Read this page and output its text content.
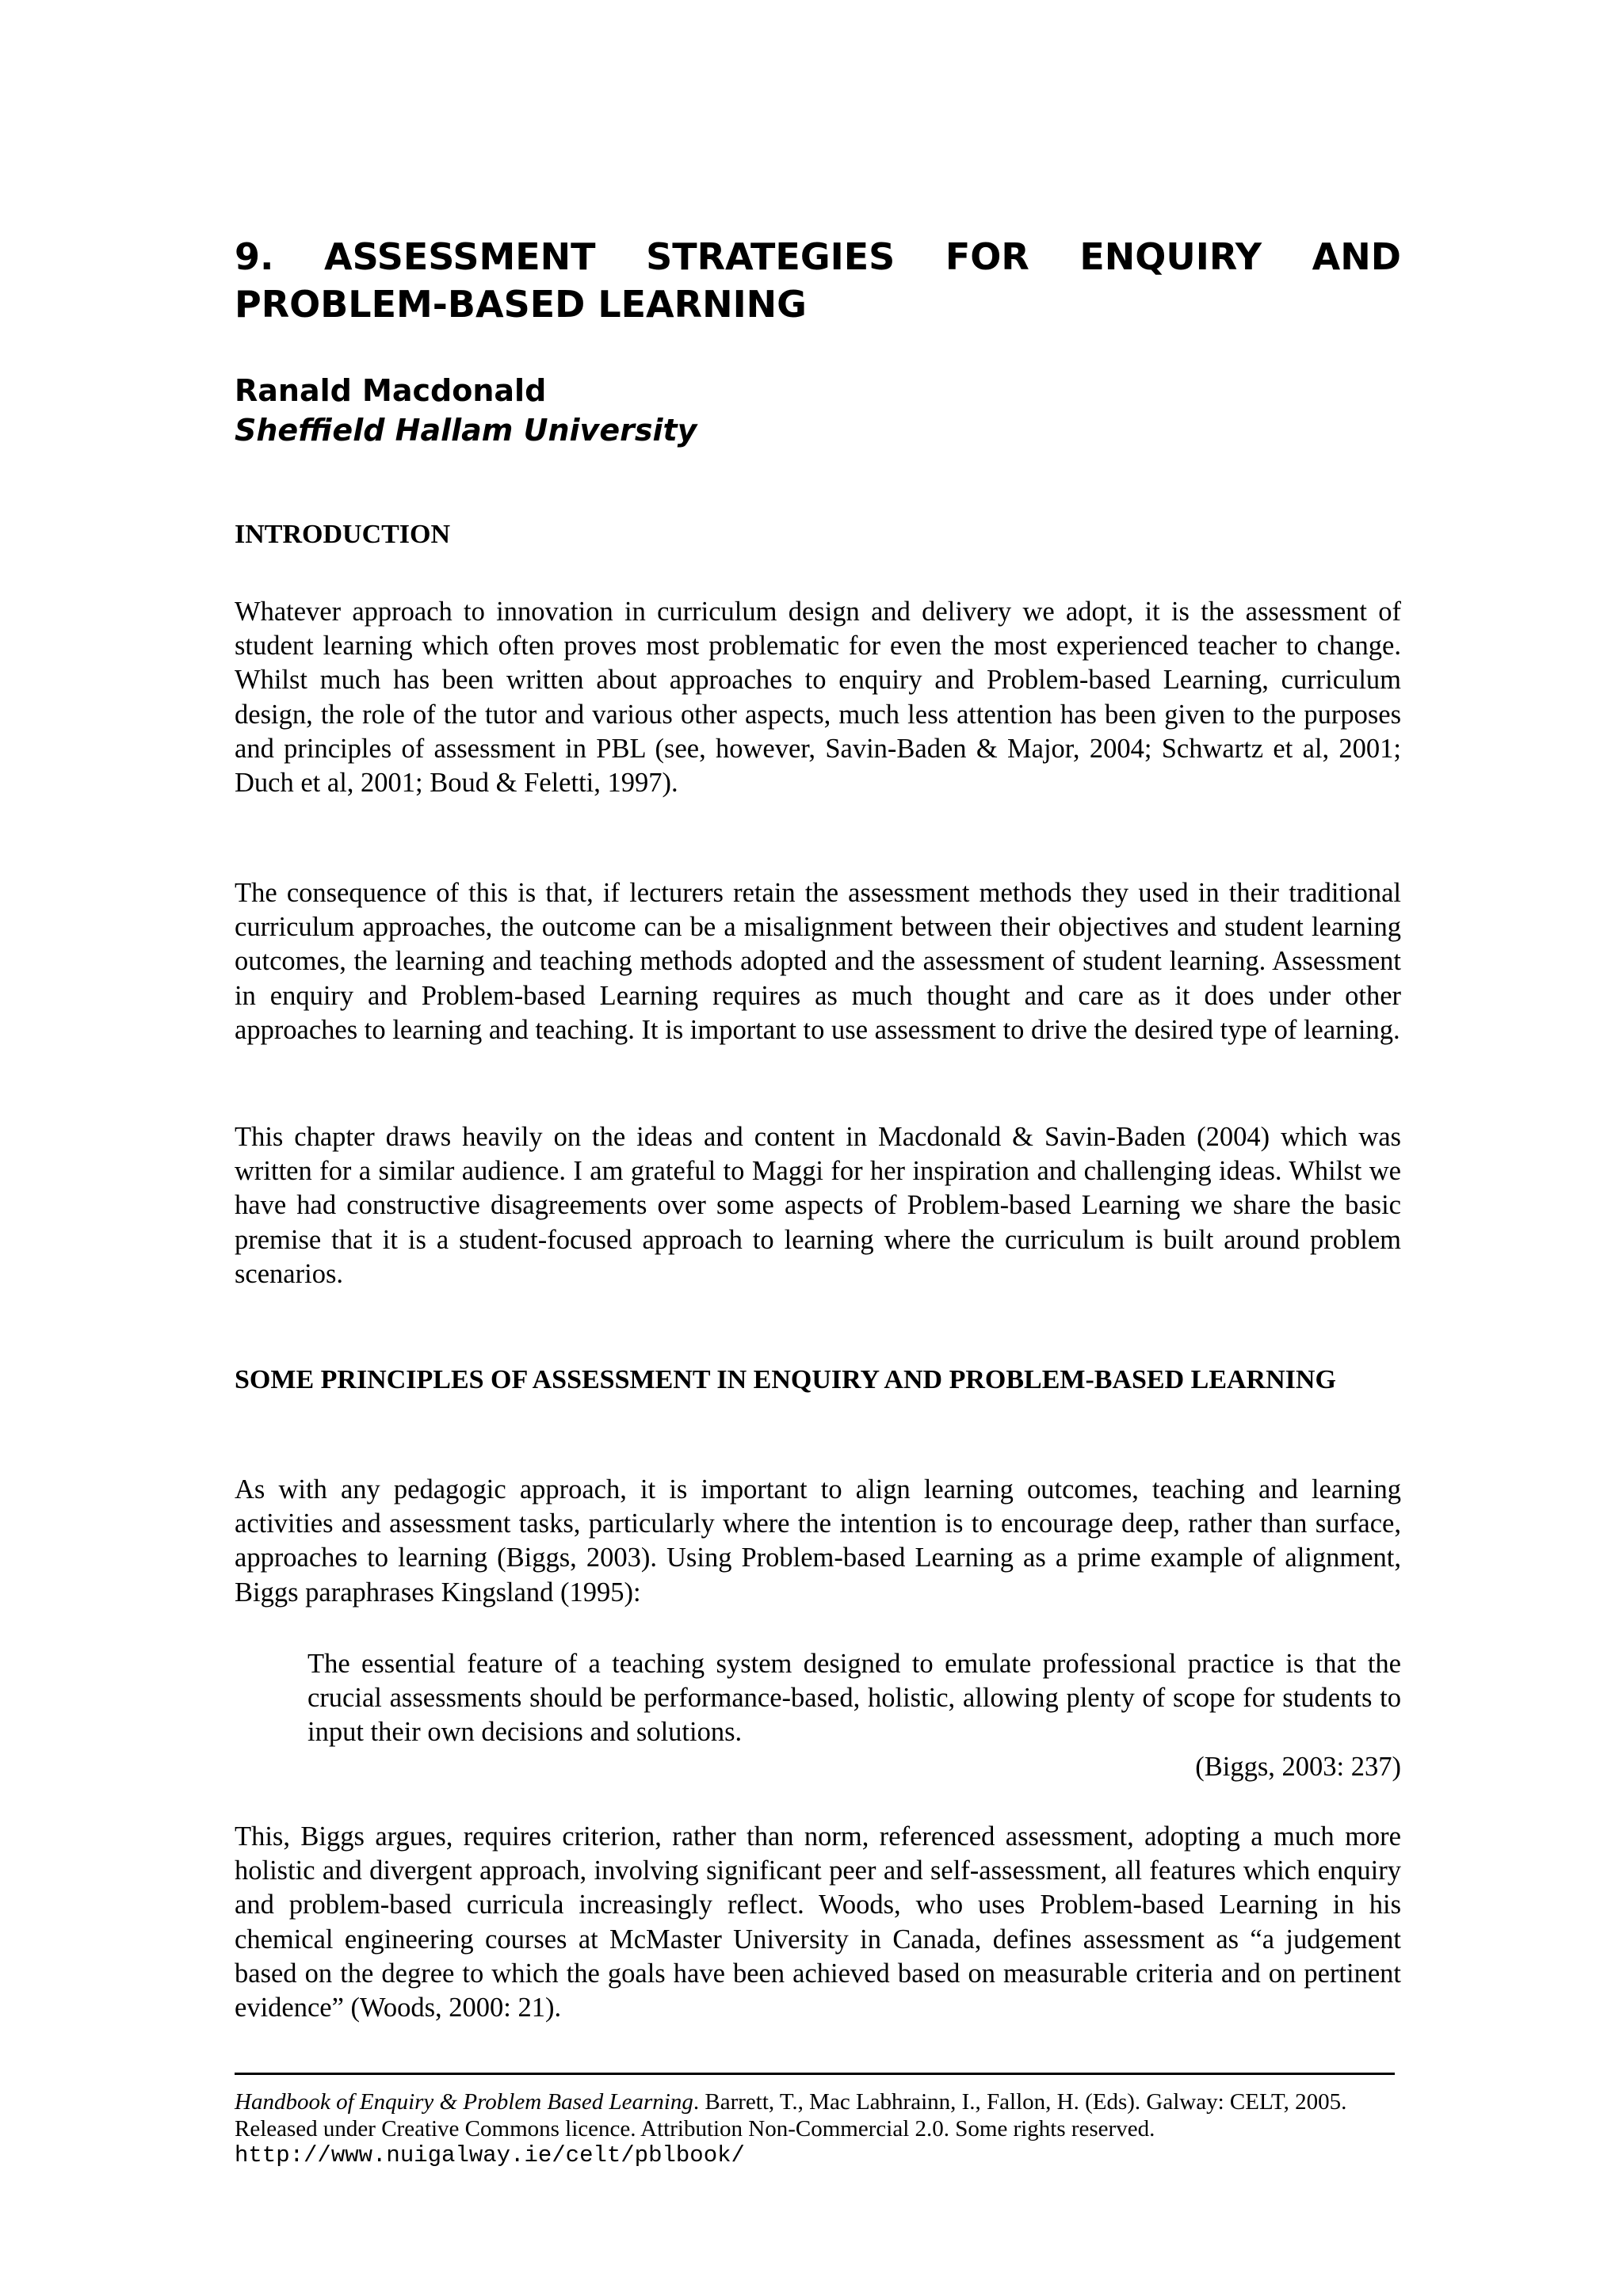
9. ASSESSMENT STRATEGIES FOR ENQUIRY AND
PROBLEM-BASED LEARNING

Ranald Macdonald

Sheffield Hallam University

INTRODUCTION

Whatever approach to innovation in curriculum design and delivery we adopt, it is the assessment of student learning which often proves most problematic for even the most experienced teacher to change. Whilst much has been written about approaches to enquiry and Problem-based Learning, curriculum design, the role of the tutor and various other aspects, much less attention has been given to the purposes and principles of assessment in PBL (see, however, Savin-Baden & Major, 2004; Schwartz et al, 2001; Duch et al, 2001; Boud & Feletti, 1997).

The consequence of this is that, if lecturers retain the assessment methods they used in their traditional curriculum approaches, the outcome can be a misalignment between their objectives and student learning outcomes, the learning and teaching methods adopted and the assessment of student learning. Assessment in enquiry and Problem-based Learning requires as much thought and care as it does under other approaches to learning and teaching. It is important to use assessment to drive the desired type of learning.

This chapter draws heavily on the ideas and content in Macdonald & Savin-Baden (2004) which was written for a similar audience. I am grateful to Maggi for her inspiration and challenging ideas. Whilst we have had constructive disagreements over some aspects of Problem-based Learning we share the basic premise that it is a student-focused approach to learning where the curriculum is built around problem scenarios.

SOME PRINCIPLES OF ASSESSMENT IN ENQUIRY AND PROBLEM-BASED LEARNING

As with any pedagogic approach, it is important to align learning outcomes, teaching and learning activities and assessment tasks, particularly where the intention is to encourage deep, rather than surface, approaches to learning (Biggs, 2003). Using Problem-based Learning as a prime example of alignment, Biggs paraphrases Kingsland (1995):

The essential feature of a teaching system designed to emulate professional practice is that the crucial assessments should be performance-based, holistic, allowing plenty of scope for students to input their own decisions and solutions.

(Biggs, 2003: 237)

This, Biggs argues, requires criterion, rather than norm, referenced assessment, adopting a much more holistic and divergent approach, involving significant peer and self-assessment, all features which enquiry and problem-based curricula increasingly reflect. Woods, who uses Problem-based Learning in his chemical engineering courses at McMaster University in Canada, defines assessment as “a judgement based on the degree to which the goals have been achieved based on measurable criteria and on pertinent evidence” (Woods, 2000: 21).

Handbook of Enquiry & Problem Based Learning. Barrett, T., Mac Labhrainn, I., Fallon, H. (Eds). Galway: CELT, 2005. Released under Creative Commons licence. Attribution Non-Commercial 2.0. Some rights reserved.
http://www.nuigalway.ie/celt/pblbook/
